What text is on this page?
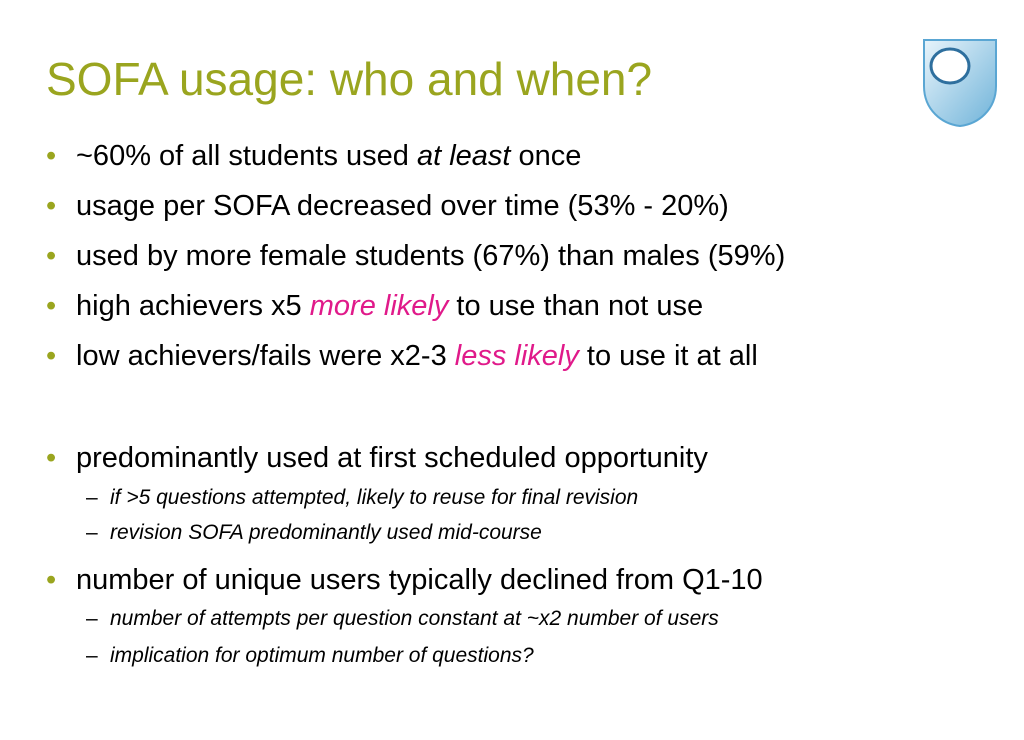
SOFA usage: who and when?
• ~60% of all students used at least once
• usage per SOFA decreased over time (53% - 20%)
• used by more female students (67%) than males (59%)
• high achievers x5 more likely to use than not use
• low achievers/fails were x2-3 less likely to use it at all
• predominantly used at first scheduled opportunity
– if >5 questions attempted, likely to reuse for final revision
– revision SOFA predominantly used mid-course
• number of unique users typically declined from Q1-10
– number of attempts per question constant at ~x2 number of users
– implication for optimum number of questions?
